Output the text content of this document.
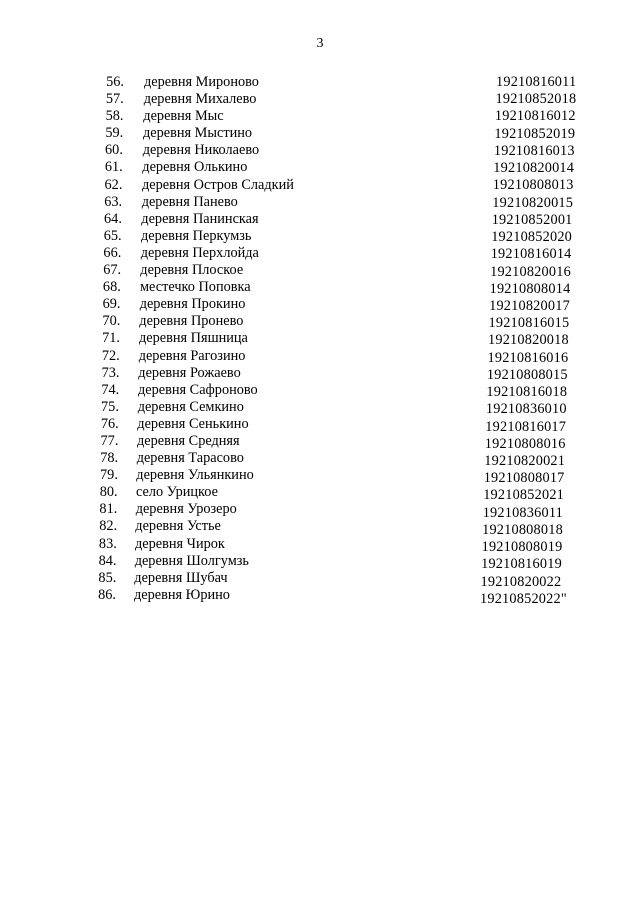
3
56. деревня Мироново	19210816011
57. деревня Михалево	19210852018
58. деревня Мыс	19210816012
59. деревня Мыстино	19210852019
60. деревня Николаево	19210816013
61. деревня Олькино	19210820014
62. деревня Остров Сладкий	19210808013
63. деревня Панево	19210820015
64. деревня Панинская	19210852001
65. деревня Перкумзь	19210852020
66. деревня Перхлойда	19210816014
67. деревня Плоское	19210820016
68. местечко Поповка	19210808014
69. деревня Прокино	19210820017
70. деревня Пронево	19210816015
71. деревня Пяшница	19210820018
72. деревня Рагозино	19210816016
73. деревня Рожаево	19210808015
74. деревня Сафроново	19210816018
75. деревня Семкино	19210836010
76. деревня Сенькино	19210816017
77. деревня Средняя	19210808016
78. деревня Тарасово	19210820021
79. деревня Ульянкино	19210808017
80. село Урицкое	19210852021
81. деревня Урозеро	19210836011
82. деревня Устье	19210808018
83. деревня Чирок	19210808019
84. деревня Шолгумзь	19210816019
85. деревня Шубач	19210820022
86. деревня Юрино	19210852022"
